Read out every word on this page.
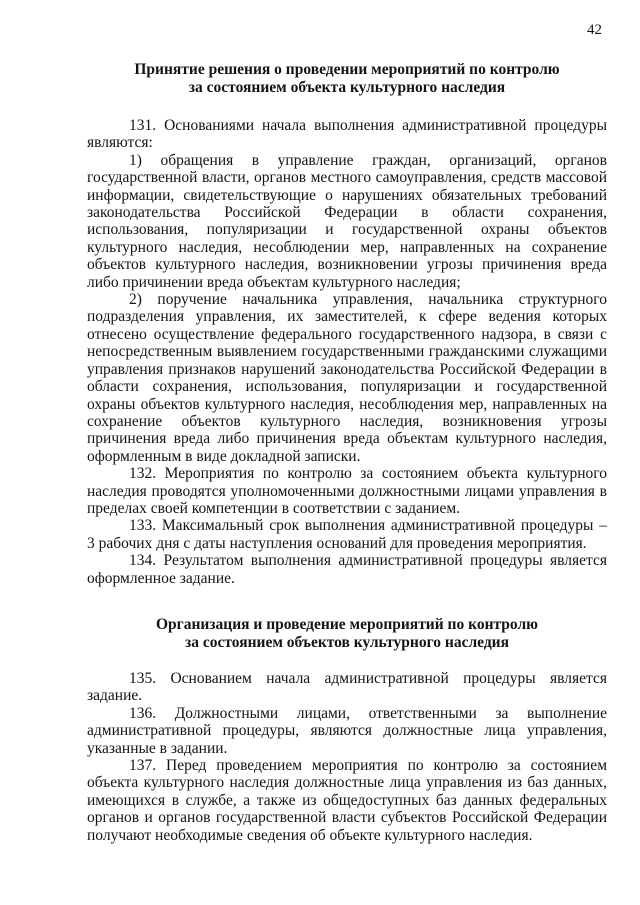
42
Принятие решения о проведении мероприятий по контролю
за состоянием объекта культурного наследия

131. Основаниями начала выполнения административной процедуры являются:

1) обращения в управление граждан, организаций, органов государственной власти, органов местного самоуправления, средств массовой информации, свидетельствующие о нарушениях обязательных требований законодательства Российской Федерации в области сохранения, использования, популяризации и государственной охраны объектов культурного наследия, несоблюдении мер, направленных на сохранение объектов культурного наследия, возникновении угрозы причинения вреда либо причинении вреда объектам культурного наследия;

2) поручение начальника управления, начальника структурного подразделения управления, их заместителей, к сфере ведения которых отнесено осуществление федерального государственного надзора, в связи с непосредственным выявлением государственными гражданскими служащими управления признаков нарушений законодательства Российской Федерации в области сохранения, использования, популяризации и государственной охраны объектов культурного наследия, несоблюдения мер, направленных на сохранение объектов культурного наследия, возникновения угрозы причинения вреда либо причинения вреда объектам культурного наследия, оформленным в виде докладной записки.

132. Мероприятия по контролю за состоянием объекта культурного наследия проводятся уполномоченными должностными лицами управления в пределах своей компетенции в соответствии с заданием.

133. Максимальный срок выполнения административной процедуры – 3 рабочих дня с даты наступления оснований для проведения мероприятия.

134. Результатом выполнения административной процедуры является оформленное задание.

Организация и проведение мероприятий по контролю
за состоянием объектов культурного наследия

135. Основанием начала административной процедуры является задание.

136. Должностными лицами, ответственными за выполнение административной процедуры, являются должностные лица управления, указанные в задании.

137. Перед проведением мероприятия по контролю за состоянием объекта культурного наследия должностные лица управления из баз данных, имеющихся в службе, а также из общедоступных баз данных федеральных органов и органов государственной власти субъектов Российской Федерации получают необходимые сведения об объекте культурного наследия.
